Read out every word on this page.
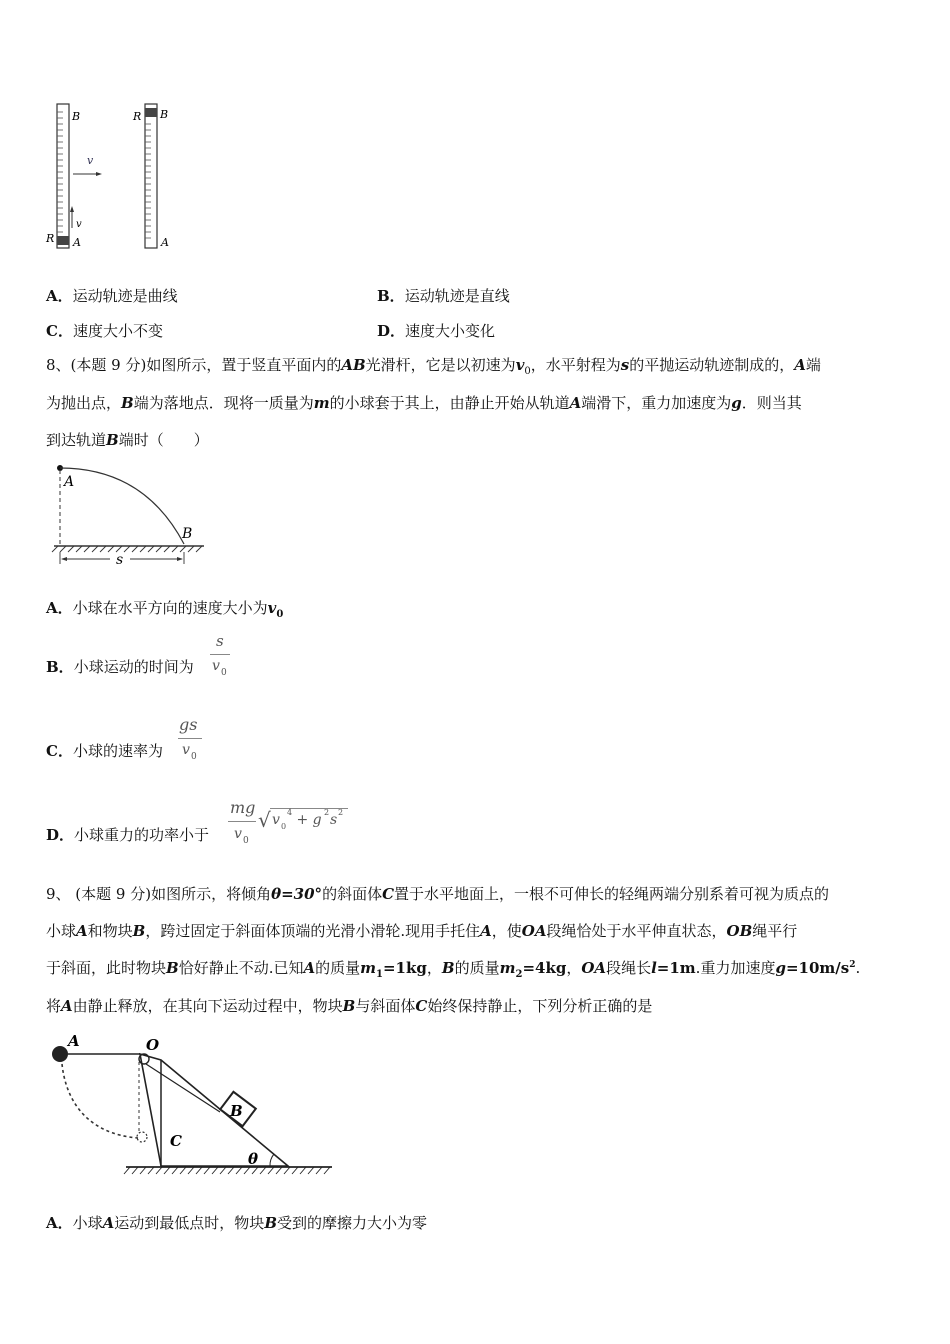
B
A
R
v
v
R B
A
A．运动轨迹是曲线	B．运动轨迹是直线
C．速度大小不变	D．速度大小变化
8、(本题 9 分)如图所示，置于竖直平面内的AB光滑杆，它是以初速为$v_0$，水平射程为s的平抛运动轨迹制成的，A端
为抛出点，B端为落地点．现将一质量为m的小球套于其上，由静止开始从轨道A端滑下，重力加速度为g．则当其
到达轨道B端时（　　）
A
B
s
A．小球在水平方向的速度大小为$v_0$
B．小球运动的时间为
s
v 0
C．小球的速率为
gs
v 0
D．小球重力的功率小于
mg
v 0
√ v 0
4 + g 2 s 2
9、 (本题 9 分)如图所示，将倾角θ=30°的斜面体C置于水平地面上，一根不可伸长的轻绳两端分别系着可视为质点的
小球A和物块B，跨过固定于斜面体顶端的光滑小滑轮.现用手托住A，使OA段绳恰处于水平伸直状态，OB绳平行
于斜面，此时物块B恰好静止不动.已知A的质量$m_1=1kg$，B的质量$m_2=4kg$，OA段绳长l=1m.重力加速度$g=10m/s^2$.
将A由静止释放，在其向下运动过程中，物块B与斜面体C始终保持静止，下列分析正确的是
A	O
B
C
θ
A．小球A运动到最低点时，物块B受到的摩擦力大小为零
